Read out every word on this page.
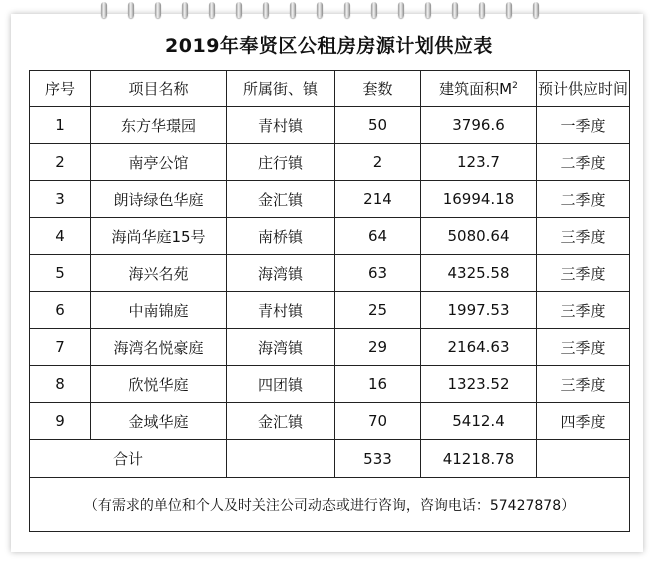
2019年奉贤区公租房房源计划供应表
序号	项目名称	所属街、镇	套数	建筑面积$M^2$	预计供应时间
1	东方华璟园	青村镇	50	3796.6	一季度
2	南亭公馆	庄行镇	2	123.7	二季度
3	朗诗绿色华庭	金汇镇	214	16994.18	二季度
4	海尚华庭15号	南桥镇	64	5080.64	三季度
5	海兴名苑	海湾镇	63	4325.58	三季度
6	中南锦庭	青村镇	25	1997.53	三季度
7	海湾名悦豪庭	海湾镇	29	2164.63	三季度
8	欣悦华庭	四团镇	16	1323.52	三季度
9	金域华庭	金汇镇	70	5412.4	四季度
合计			533	41218.78	
（有需求的单位和个人及时关注公司动态或进行咨询，咨询电话：57427878）					
